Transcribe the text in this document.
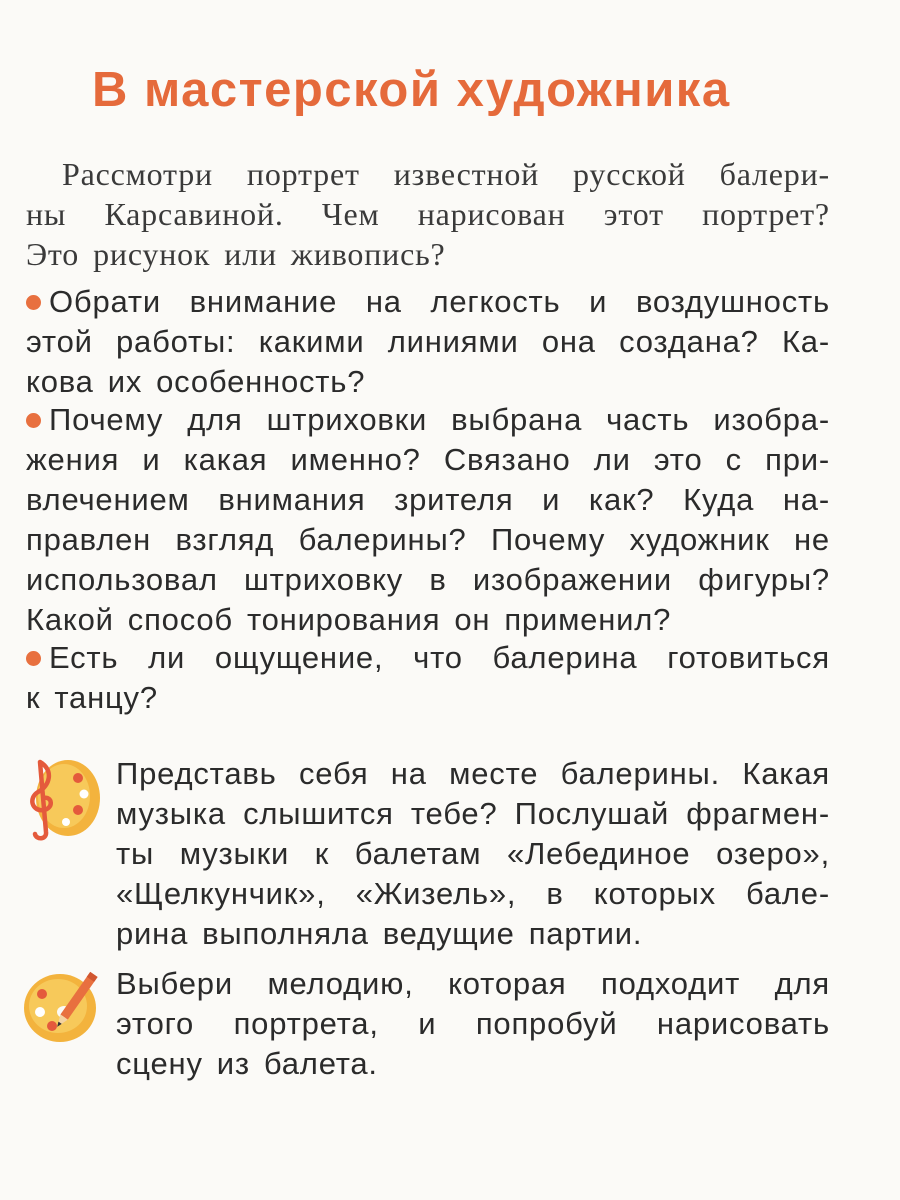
В мастерской художника
Рассмотри портрет известной русской балери-
ны Карсавиной. Чем нарисован этот портрет?
Это рисунок или живопись?
Обрати внимание на легкость и воздушность
этой работы: какими линиями она создана? Ка-
кова их особенность?
Почему для штриховки выбрана часть изобра-
жения и какая именно? Связано ли это с при-
влечением внимания зрителя и как? Куда на-
правлен взгляд балерины? Почему художник не
использовал штриховку в изображении фигуры?
Какой способ тонирования он применил?
Есть ли ощущение, что балерина готовиться
к танцу?
Представь себя на месте балерины. Какая
музыка слышится тебе? Послушай фрагмен-
ты музыки к балетам «Лебединое озеро»,
«Щелкунчик», «Жизель», в которых бале-
рина выполняла ведущие партии.
Выбери мелодию, которая подходит для
этого портрета, и попробуй нарисовать
сцену из балета.
